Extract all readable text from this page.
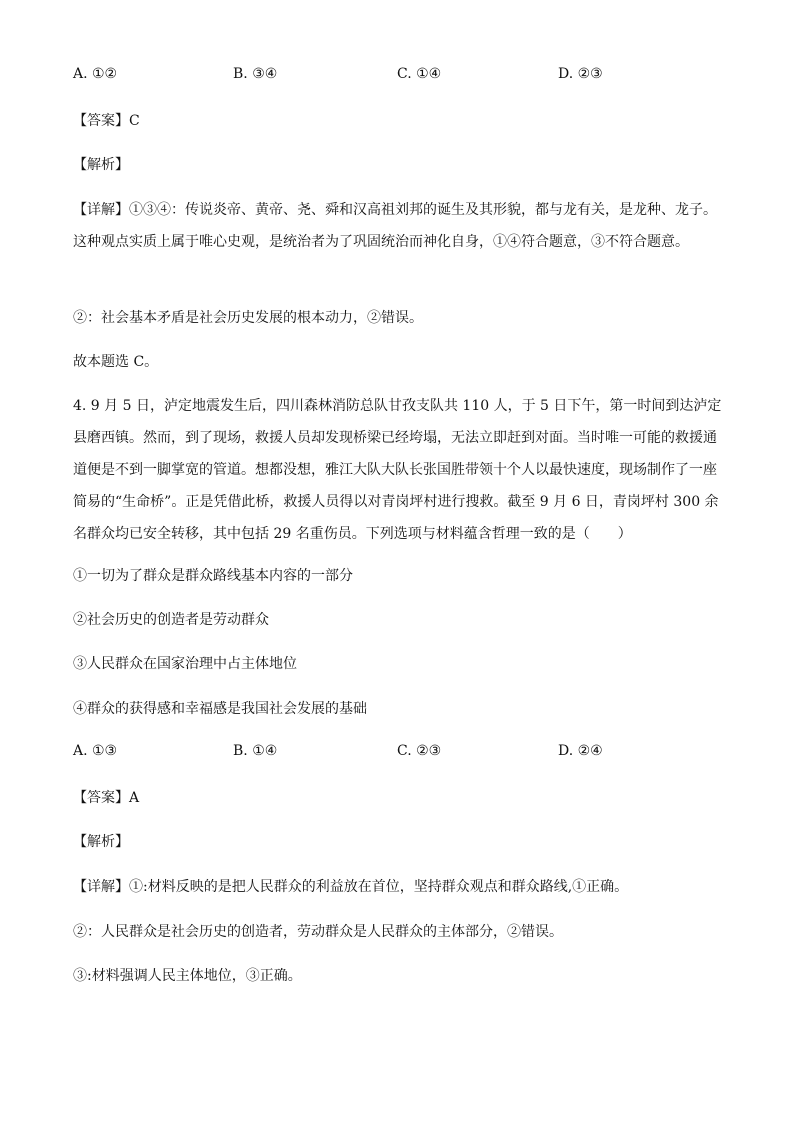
A. ①②	B. ③④	C. ①④	D. ②③
【答案】C
【解析】
【详解】①③④：传说炎帝、黄帝、尧、舜和汉高祖刘邦的诞生及其形貌，都与龙有关，是龙种、龙子。这种观点实质上属于唯心史观，是统治者为了巩固统治而神化自身，①④符合题意，③不符合题意。
②：社会基本矛盾是社会历史发展的根本动力，②错误。
故本题选 C。
4. 9 月 5 日，泸定地震发生后，四川森林消防总队甘孜支队共 110 人，于 5 日下午，第一时间到达泸定县磨西镇。然而，到了现场，救援人员却发现桥梁已经垮塌，无法立即赶到对面。当时唯一可能的救援通道便是不到一脚掌宽的管道。想都没想，雅江大队大队长张国胜带领十个人以最快速度，现场制作了一座简易的“生命桥”。正是凭借此桥，救援人员得以对青岗坪村进行搜救。截至 9 月 6 日，青岗坪村 300 余名群众均已安全转移，其中包括 29 名重伤员。下列选项与材料蕴含哲理一致的是（　　）
①一切为了群众是群众路线基本内容的一部分
②社会历史的创造者是劳动群众
③人民群众在国家治理中占主体地位
④群众的获得感和幸福感是我国社会发展的基础
A. ①③	B. ①④	C. ②③	D. ②④
【答案】A
【解析】
【详解】①:材料反映的是把人民群众的利益放在首位，坚持群众观点和群众路线,①正确。
②：人民群众是社会历史的创造者，劳动群众是人民群众的主体部分，②错误。
③:材料强调人民主体地位，③正确。
